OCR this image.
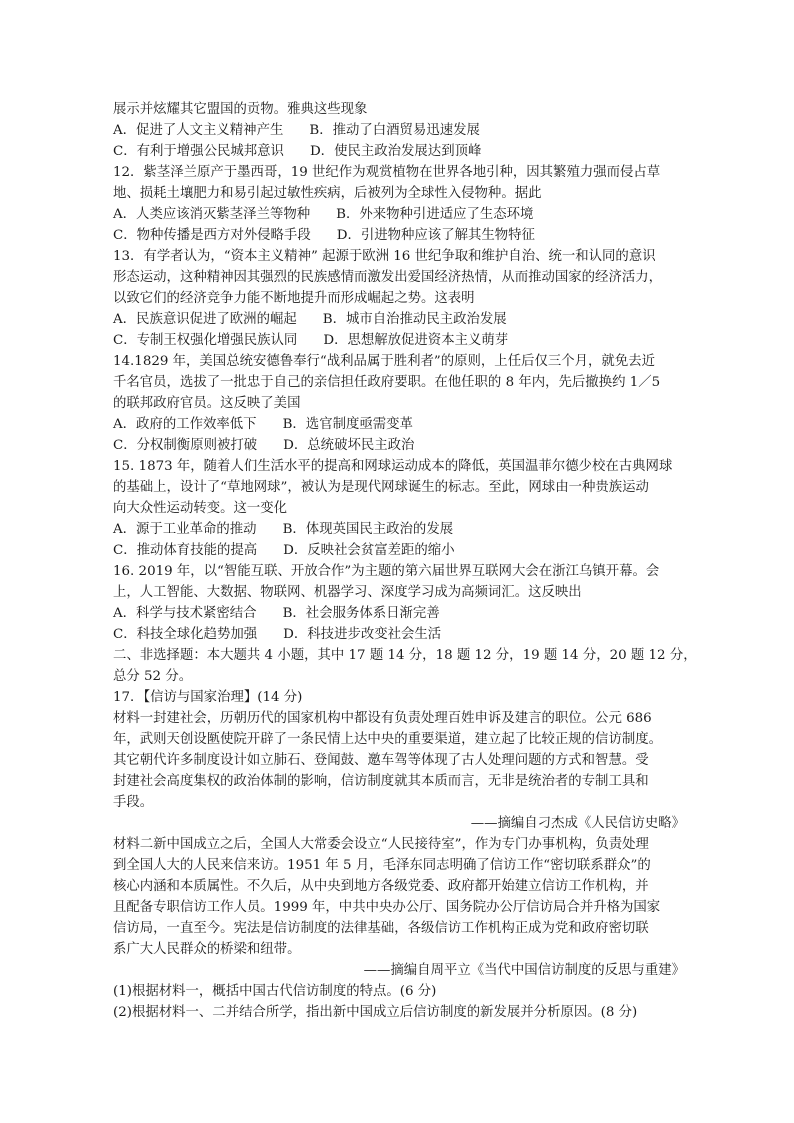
展示并炫耀其它盟国的贡物。雅典这些现象
A．促进了人文主义精神产生 B．推动了白酒贸易迅速发展
C．有利于增强公民城邦意识 D．使民主政治发展达到顶峰
12．紫茎泽兰原产于墨西哥，19 世纪作为观赏植物在世界各地引种，因其繁殖力强而侵占草
地、损耗土壤肥力和易引起过敏性疾病，后被列为全球性入侵物种。据此
A．人类应该消灭紫茎泽兰等物种 B．外来物种引进适应了生态环境
C．物种传播是西方对外侵略手段 D．引进物种应该了解其生物特征
13．有学者认为，“资本主义精神” 起源于欧洲 16 世纪争取和维护自治、统一和认同的意识
形态运动，这种精神因其强烈的民族感情而激发出爱国经济热情，从而推动国家的经济活力，
以致它们的经济竞争力能不断地提升而形成崛起之势。这表明
A．民族意识促进了欧洲的崛起 B．城市自治推动民主政治发展
C．专制王权强化增强民族认同 D．思想解放促进资本主义萌芽
14.1829 年，美国总统安德鲁奉行“战利品属于胜利者”的原则，上任后仅三个月，就免去近
千名官员，选拔了一批忠于自己的亲信担任政府要职。在他任职的 8 年内，先后撤换约 1／5
的联邦政府官员。这反映了美国
A．政府的工作效率低下 B．选官制度亟需变革
C．分权制衡原则被打破 D．总统破坏民主政治
15. 1873 年，随着人们生活水平的提高和网球运动成本的降低，英国温菲尔德少校在古典网球
的基础上，设计了“草地网球”，被认为是现代网球诞生的标志。至此，网球由一种贵族运动
向大众性运动转变。这一变化
A．源于工业革命的推动 B．体现英国民主政治的发展
C．推动体育技能的提高 D．反映社会贫富差距的缩小
16. 2019 年，以“智能互联、开放合作”为主题的第六届世界互联网大会在浙江乌镇开幕。会
上，人工智能、大数据、物联网、机器学习、深度学习成为高频词汇。这反映出
A．科学与技术紧密结合 B．社会服务体系日渐完善
C．科技全球化趋势加强 D．科技进步改变社会生活
二、非选择题：本大题共 4 小题，其中 17 题 14 分，18 题 12 分，19 题 14 分，20 题 12 分，
总分 52 分。
17．【信访与国家治理】(14 分)
材料一封建社会，历朝历代的国家机构中都设有负责处理百姓申诉及建言的职位。公元 686
年，武则天创设匦使院开辟了一条民情上达中央的重要渠道，建立起了比较正规的信访制度。
其它朝代许多制度设计如立肺石、登闻鼓、邀车驾等体现了古人处理问题的方式和智慧。受
封建社会高度集权的政治体制的影响，信访制度就其本质而言，无非是统治者的专制工具和
手段。
——摘编自刁杰成《人民信访史略》
材料二新中国成立之后，全国人大常委会设立“人民接待室”，作为专门办事机构，负责处理
到全国人大的人民来信来访。1951 年 5 月，毛泽东同志明确了信访工作“密切联系群众”的
核心内涵和本质属性。不久后，从中央到地方各级党委、政府都开始建立信访工作机构，并
且配备专职信访工作人员。1999 年，中共中央办公厅、国务院办公厅信访局合并升格为国家
信访局，一直至今。宪法是信访制度的法律基础，各级信访工作机构正成为党和政府密切联
系广大人民群众的桥梁和纽带。
——摘编自周平立《当代中国信访制度的反思与重建》
(1)根据材料一，概括中国古代信访制度的特点。(6 分)
(2)根据材料一、二并结合所学，指出新中国成立后信访制度的新发展并分析原因。(8 分)
